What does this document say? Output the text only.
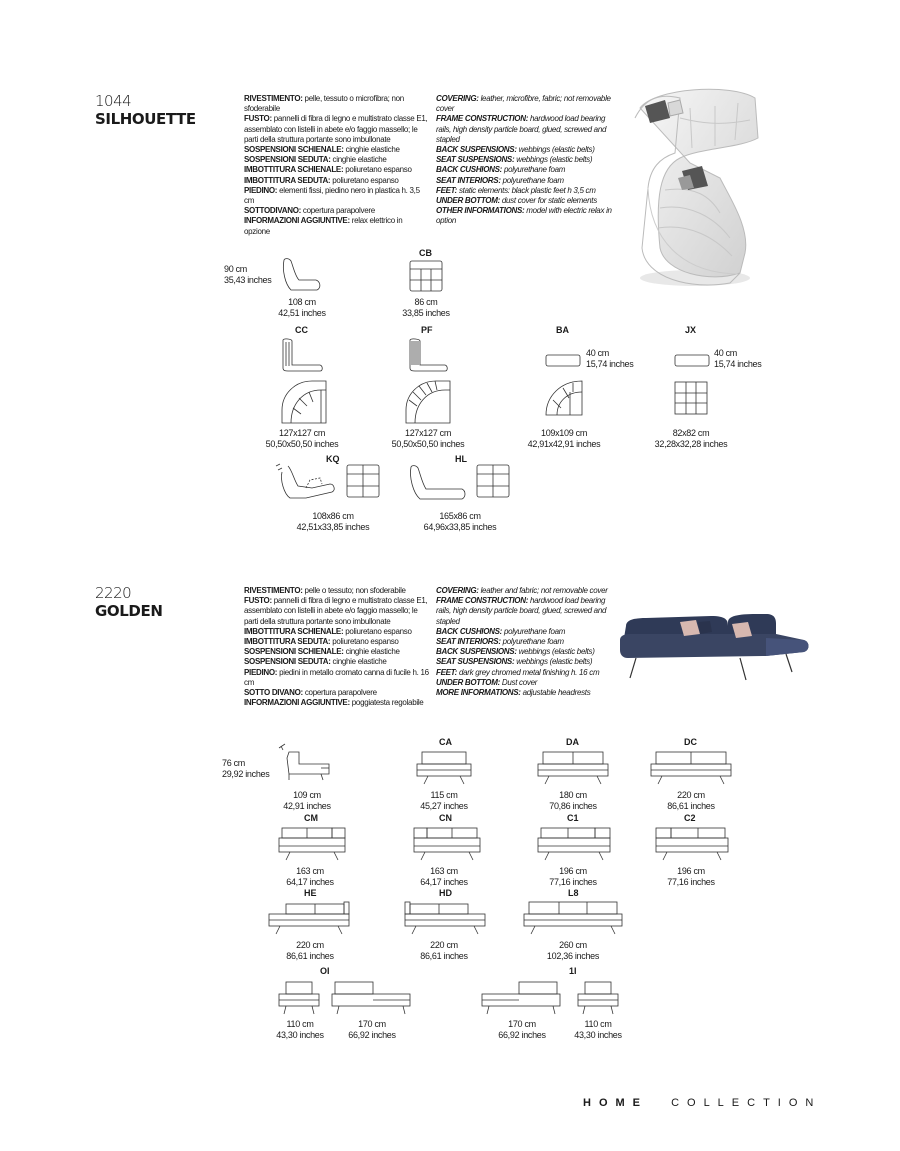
1044
SILHOUETTE
RIVESTIMENTO: pelle, tessuto o microfibra; non sfoderabile
FUSTO: pannelli di fibra di legno e multistrato classe E1, assemblato con listelli in abete e/o faggio massello; le parti della struttura portante sono imbullonate
SOSPENSIONI SCHIENALE: cinghie elastiche
SOSPENSIONI SEDUTA: cinghie elastiche
IMBOTTITURA SCHIENALE: poliuretano espanso
IMBOTTITURA SEDUTA: poliuretano espanso
PIEDINO: elementi fissi, piedino nero in plastica h. 3,5 cm
SOTTODIVANO: copertura parapolvere
INFORMAZIONI AGGIUNTIVE: relax elettrico in opzione
COVERING: leather, microfibre, fabric; not removable cover
FRAME CONSTRUCTION: hardwood load bearing rails, high density particle board, glued, screwed and stapled
BACK SUSPENSIONS: webbings (elastic belts)
SEAT SUSPENSIONS: webbings (elastic belts)
BACK CUSHIONS: polyurethane foam
SEAT INTERIORS: polyurethane foam
FEET: static elements: black plastic feet h 3,5 cm
UNDER BOTTOM: dust cover for static elements
OTHER INFORMATIONS: model with electric relax in option
90 cm
35,43 inches
108 cm
42,51 inches
CB
86 cm
33,85 inches
CC
127x127 cm
50,50x50,50 inches
PF
127x127 cm
50,50x50,50 inches
BA
40 cm
15,74 inches
109x109 cm
42,91x42,91 inches
JX
40 cm
15,74 inches
82x82 cm
32,28x32,28 inches
KQ
108x86 cm
42,51x33,85 inches
HL
165x86 cm
64,96x33,85 inches
2220
GOLDEN
RIVESTIMENTO: pelle o tessuto; non sfoderabile
FUSTO: pannelli di fibra di legno e multistrato classe E1, assemblato con listelli in abete e/o faggio massello; le parti della struttura portante sono imbullonate
IMBOTTITURA SCHIENALE: poliuretano espanso
IMBOTTITURA SEDUTA: poliuretano espanso
SOSPENSIONI SCHIENALE: cinghie elastiche
SOSPENSIONI SEDUTA: cinghie elastiche
PIEDINO: piedini in metallo cromato canna di fucile h. 16 cm
SOTTO DIVANO: copertura parapolvere
INFORMAZIONI AGGIUNTIVE: poggiatesta regolabile
COVERING: leather and fabric; not removable cover
FRAME CONSTRUCTION: hardwood load bearing rails, high density particle board, glued, screwed and stapled
BACK CUSHIONS: polyurethane foam
SEAT INTERIORS: polyurethane foam
BACK SUSPENSIONS: webbings (elastic belts)
SEAT SUSPENSIONS: webbings (elastic belts)
FEET: dark grey chromed metal finishing h. 16 cm
UNDER BOTTOM: Dust cover
MORE INFORMATIONS: adjustable headrests
76 cm
29,92 inches
109 cm
42,91 inches
CA
115 cm
45,27 inches
DA
180 cm
70,86 inches
DC
220 cm
86,61 inches
CM
163 cm
64,17 inches
CN
163 cm
64,17 inches
C1
196 cm
77,16 inches
C2
196 cm
77,16 inches
HE
220 cm
86,61 inches
HD
220 cm
86,61 inches
L8
260 cm
102,36 inches
OI
110 cm
43,30 inches
170 cm
66,92 inches
1I
170 cm
66,92 inches
110 cm
43,30 inches
HOME COLLECTION
